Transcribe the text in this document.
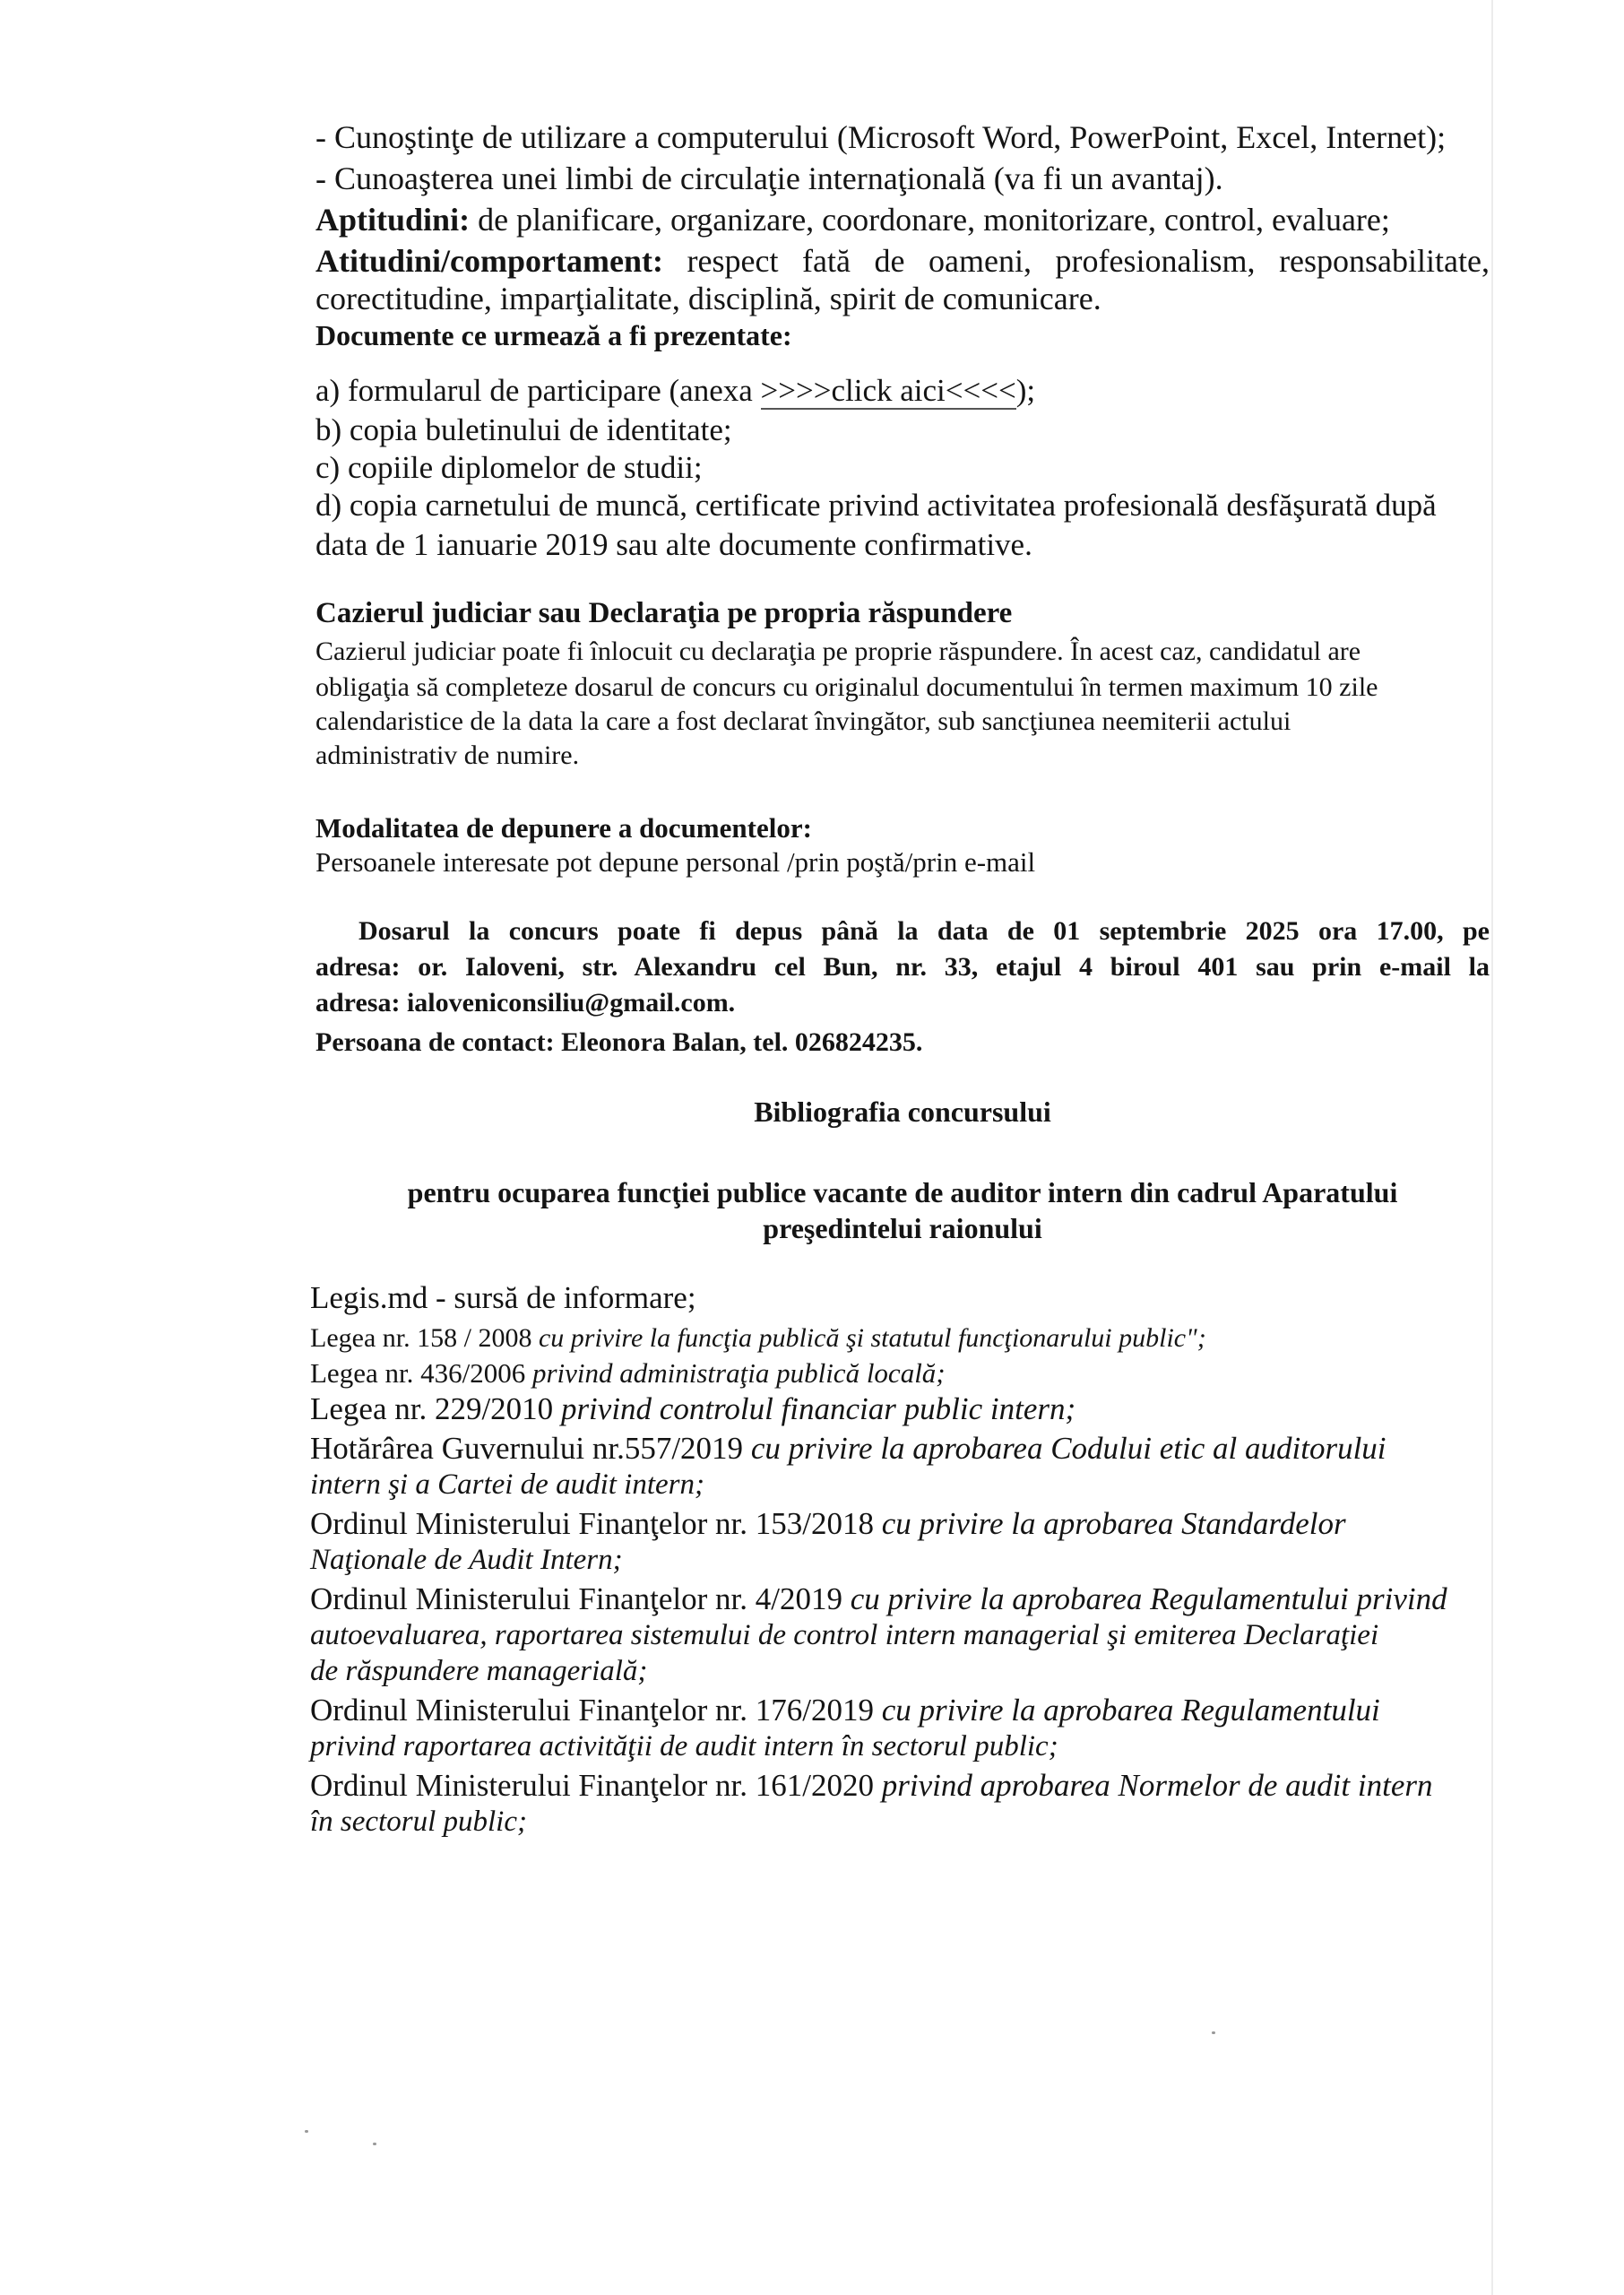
- Cunoştinţe de utilizare a computerului (Microsoft Word, PowerPoint, Excel, Internet);
- Cunoaşterea unei limbi de circulaţie internaţională (va fi un avantaj).
Aptitudini: de planificare, organizare, coordonare, monitorizare, control, evaluare;
Atitudini/comportament: respect fată de oameni, profesionalism, responsabilitate,
corectitudine, imparţialitate, disciplină, spirit de comunicare.
Documente ce urmează a fi prezentate:
a) formularul de participare (anexa >>>>click aici<<<<);
b) copia buletinului de identitate;
c) copiile diplomelor de studii;
d) copia carnetului de muncă, certificate privind activitatea profesională desfăşurată după
data de 1 ianuarie 2019 sau alte documente confirmative.
Cazierul judiciar sau Declaraţia pe propria răspundere
Cazierul judiciar poate fi înlocuit cu declaraţia pe proprie răspundere. În acest caz, candidatul are
obligaţia să completeze dosarul de concurs cu originalul documentului în termen maximum 10 zile
calendaristice de la data la care a fost declarat învingător, sub sancţiunea neemiterii actului
administrativ de numire.
Modalitatea de depunere a documentelor:
Persoanele interesate pot depune personal /prin poştă/prin e-mail
Dosarul la concurs poate fi depus până la data de 01 septembrie 2025 ora 17.00, pe
adresa: or. Ialoveni, str. Alexandru cel Bun, nr. 33, etajul 4 biroul 401 sau prin e-mail la
adresa: ialoveniconsiliu@gmail.com.
Persoana de contact: Eleonora Balan, tel. 026824235.
Bibliografia concursului
pentru ocuparea funcţiei publice vacante de auditor intern din cadrul Aparatului
preşedintelui raionului
Legis.md - sursă de informare;
Legea nr. 158 / 2008 cu privire la funcţia publică şi statutul funcţionarului public";
Legea nr. 436/2006 privind administraţia publică locală;
Legea nr. 229/2010 privind controlul financiar public intern;
Hotărârea Guvernului nr.557/2019 cu privire la aprobarea Codului etic al auditorului
intern şi a Cartei de audit intern;
Ordinul Ministerului Finanţelor nr. 153/2018 cu privire la aprobarea Standardelor
Naţionale de Audit Intern;
Ordinul Ministerului Finanţelor nr. 4/2019 cu privire la aprobarea Regulamentului privind
autoevaluarea, raportarea sistemului de control intern managerial şi emiterea Declaraţiei
de răspundere managerială;
Ordinul Ministerului Finanţelor nr. 176/2019 cu privire la aprobarea Regulamentului
privind raportarea activităţii de audit intern în sectorul public;
Ordinul Ministerului Finanţelor nr. 161/2020 privind aprobarea Normelor de audit intern
în sectorul public;
